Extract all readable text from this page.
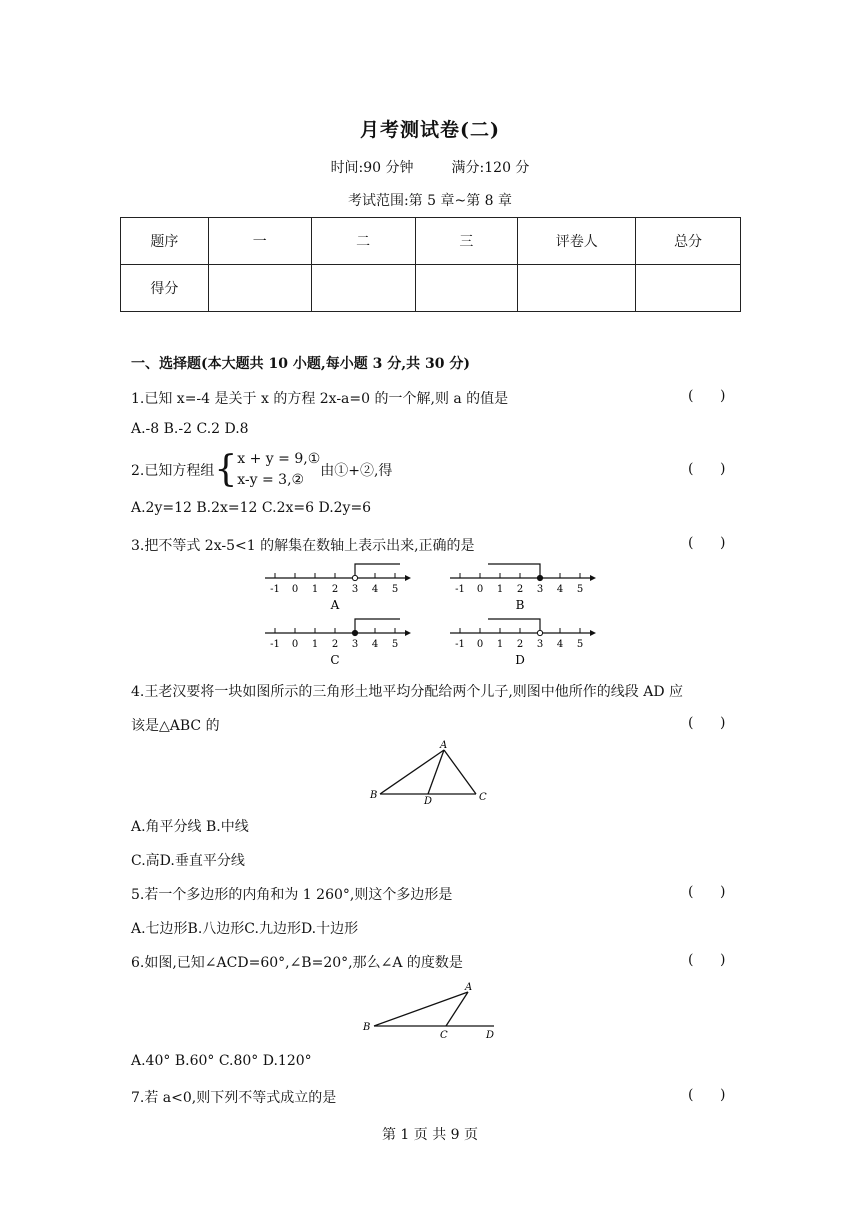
月考测试卷(二)
时间:90 分钟	满分:120 分
考试范围:第 5 章~第 8 章
题序	一	二	三	评卷人	总分
得分					
一、选择题(本大题共 10 小题,每小题 3 分,共 30 分)
1.已知 x=-4 是关于 x 的方程 2x-a=0 的一个解,则 a 的值是	( )
A.-8 B.-2 C.2 D.8
2.已知方程组{x + y = 9,①
x-y = 3,②由①+②,得	( )
A.2y=12 B.2x=12 C.2x=6 D.2y=6
3.把不等式 2x-5<1 的解集在数轴上表示出来,正确的是	( )
-1 0 1 2 3 4 5
A
-1 0 1 2 3 4 5
B
-1 0 1 2 3 4 5
C
-1 0 1 2 3 4 5
D
4.王老汉要将一块如图所示的三角形土地平均分配给两个儿子,则图中他所作的线段 AD 应
该是△ABC 的	( )
A
B	C
D
A.角平分线 B.中线
C.高D.垂直平分线
5.若一个多边形的内角和为 1 260°,则这个多边形是	( )
A.七边形B.八边形C.九边形D.十边形
6.如图,已知∠ACD=60°,∠B=20°,那么∠A 的度数是	( )
A
B
C	D
A.40° B.60° C.80° D.120°
7.若 a<0,则下列不等式成立的是	( )
第 1 页 共 9 页
